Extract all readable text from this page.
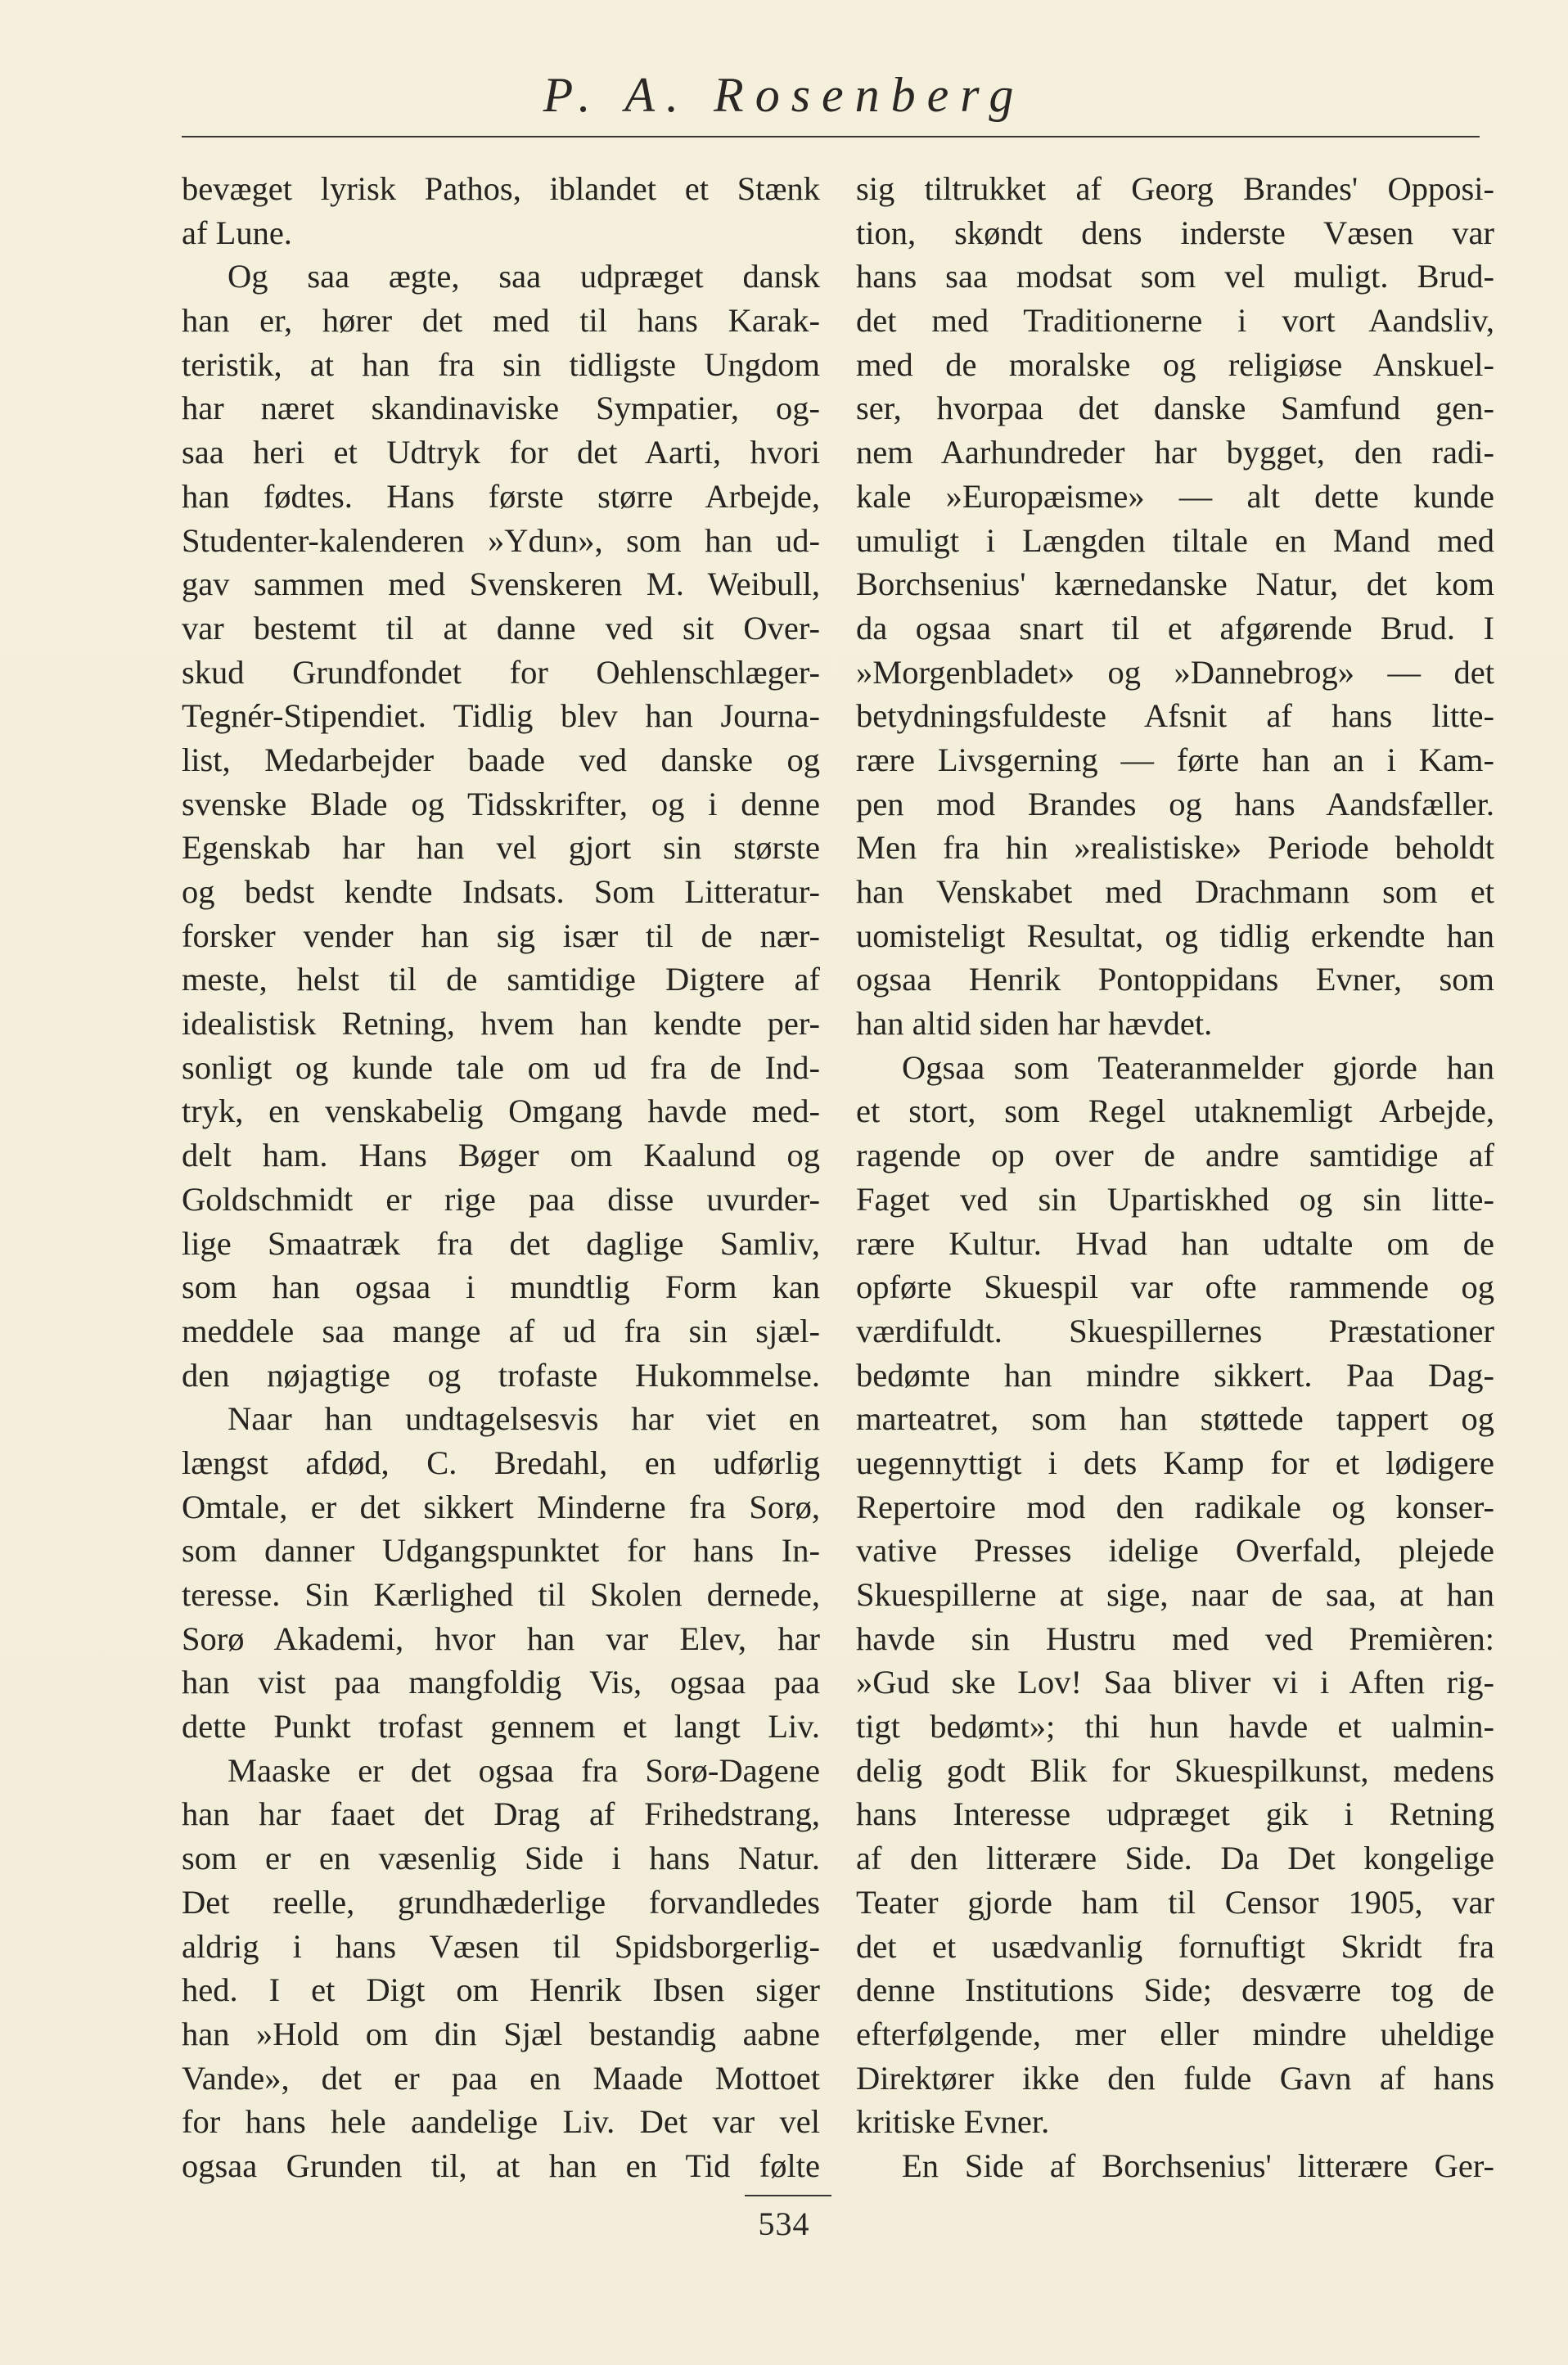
P. A. Rosenberg
bevæget lyrisk Pathos, iblandet et Stænk
af Lune.
Og saa ægte, saa udpræget dansk
han er, hører det med til hans Karak-
teristik, at han fra sin tidligste Ungdom
har næret skandinaviske Sympatier, og-
saa heri et Udtryk for det Aarti, hvori
han fødtes. Hans første større Arbejde,
Studenter-kalenderen »Ydun», som han ud-
gav sammen med Svenskeren M. Weibull,
var bestemt til at danne ved sit Over-
skud Grundfondet for Oehlenschlæger-
Tegnér-Stipendiet. Tidlig blev han Journa-
list, Medarbejder baade ved danske og
svenske Blade og Tidsskrifter, og i denne
Egenskab har han vel gjort sin største
og bedst kendte Indsats. Som Litteratur-
forsker vender han sig især til de nær-
meste, helst til de samtidige Digtere af
idealistisk Retning, hvem han kendte per-
sonligt og kunde tale om ud fra de Ind-
tryk, en venskabelig Omgang havde med-
delt ham. Hans Bøger om Kaalund og
Goldschmidt er rige paa disse uvurder-
lige Smaatræk fra det daglige Samliv,
som han ogsaa i mundtlig Form kan
meddele saa mange af ud fra sin sjæl-
den nøjagtige og trofaste Hukommelse.
Naar han undtagelsesvis har viet en
længst afdød, C. Bredahl, en udførlig
Omtale, er det sikkert Minderne fra Sorø,
som danner Udgangspunktet for hans In-
teresse. Sin Kærlighed til Skolen dernede,
Sorø Akademi, hvor han var Elev, har
han vist paa mangfoldig Vis, ogsaa paa
dette Punkt trofast gennem et langt Liv.
Maaske er det ogsaa fra Sorø-Dagene
han har faaet det Drag af Frihedstrang,
som er en væsenlig Side i hans Natur.
Det reelle, grundhæderlige forvandledes
aldrig i hans Væsen til Spidsborgerlig-
hed. I et Digt om Henrik Ibsen siger
han »Hold om din Sjæl bestandig aabne
Vande», det er paa en Maade Mottoet
for hans hele aandelige Liv. Det var vel
ogsaa Grunden til, at han en Tid følte
sig tiltrukket af Georg Brandes' Opposi-
tion, skøndt dens inderste Væsen var
hans saa modsat som vel muligt. Brud-
det med Traditionerne i vort Aandsliv,
med de moralske og religiøse Anskuel-
ser, hvorpaa det danske Samfund gen-
nem Aarhundreder har bygget, den radi-
kale »Europæisme» — alt dette kunde
umuligt i Længden tiltale en Mand med
Borchsenius' kærnedanske Natur, det kom
da ogsaa snart til et afgørende Brud. I
»Morgenbladet» og »Dannebrog» — det
betydningsfuldeste Afsnit af hans litte-
rære Livsgerning — førte han an i Kam-
pen mod Brandes og hans Aandsfæller.
Men fra hin »realistiske» Periode beholdt
han Venskabet med Drachmann som et
uomisteligt Resultat, og tidlig erkendte han
ogsaa Henrik Pontoppidans Evner, som
han altid siden har hævdet.
Ogsaa som Teateranmelder gjorde han
et stort, som Regel utaknemligt Arbejde,
ragende op over de andre samtidige af
Faget ved sin Upartiskhed og sin litte-
rære Kultur. Hvad han udtalte om de
opførte Skuespil var ofte rammende og
værdifuldt. Skuespillernes Præstationer
bedømte han mindre sikkert. Paa Dag-
marteatret, som han støttede tappert og
uegennyttigt i dets Kamp for et lødigere
Repertoire mod den radikale og konser-
vative Presses idelige Overfald, plejede
Skuespillerne at sige, naar de saa, at han
havde sin Hustru med ved Premièren:
»Gud ske Lov! Saa bliver vi i Aften rig-
tigt bedømt»; thi hun havde et ualmin-
delig godt Blik for Skuespilkunst, medens
hans Interesse udpræget gik i Retning
af den litterære Side. Da Det kongelige
Teater gjorde ham til Censor 1905, var
det et usædvanlig fornuftigt Skridt fra
denne Institutions Side; desværre tog de
efterfølgende, mer eller mindre uheldige
Direktører ikke den fulde Gavn af hans
kritiske Evner.
En Side af Borchsenius' litterære Ger-
534
